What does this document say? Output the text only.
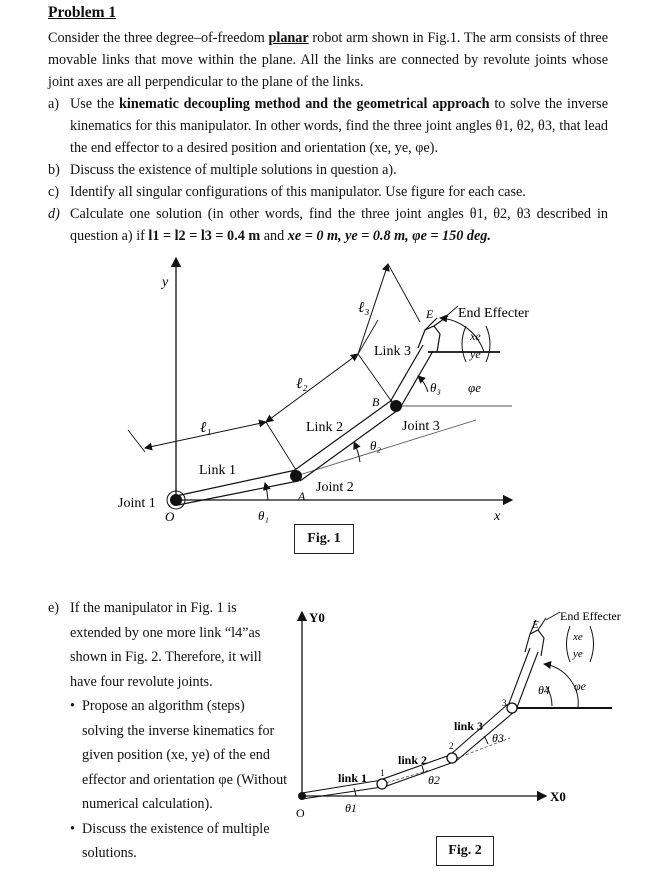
Problem 1
Consider the three degree–of-freedom planar robot arm shown in Fig.1. The arm consists of three movable links that move within the plane. All the links are connected by revolute joints whose joint axes are all perpendicular to the plane of the links.
a) Use the kinematic decoupling method and the geometrical approach to solve the inverse kinematics for this manipulator. In other words, find the three joint angles θ1, θ2, θ3, that lead the end effector to a desired position and orientation (xe, ye, φe).
b) Discuss the existence of multiple solutions in question a).
c) Identify all singular configurations of this manipulator. Use figure for each case.
d) Calculate one solution (in other words, find the three joint angles θ1, θ2, θ3 described in question a) if l1 = l2 = l3 = 0.4 m and xe = 0 m, ye = 0.8 m, φe = 150 deg.
y
x
O
Joint 1
Joint 2
Joint 3
Link 1
Link 2
Link 3
ℓ₁
ℓ₂
ℓ₃
A
B
E
θ₁
θ₂
θ₃ φe
End Effecter
xe
ye
Fig. 1
e) If the manipulator in Fig. 1 is extended by one more link “l4”as shown in Fig. 2. Therefore, it will have four revolute joints.
• Propose an algorithm (steps) solving the inverse kinematics for given position (xe, ye) of the end effector and orientation φe (Without numerical calculation).
• Discuss the existence of multiple solutions.
Y0
X0
O
link 1
link 2
link 3
1
2
3
E
θ1
θ2
θ3
θ4 φe
End Effecter
xe
ye
Fig. 2
